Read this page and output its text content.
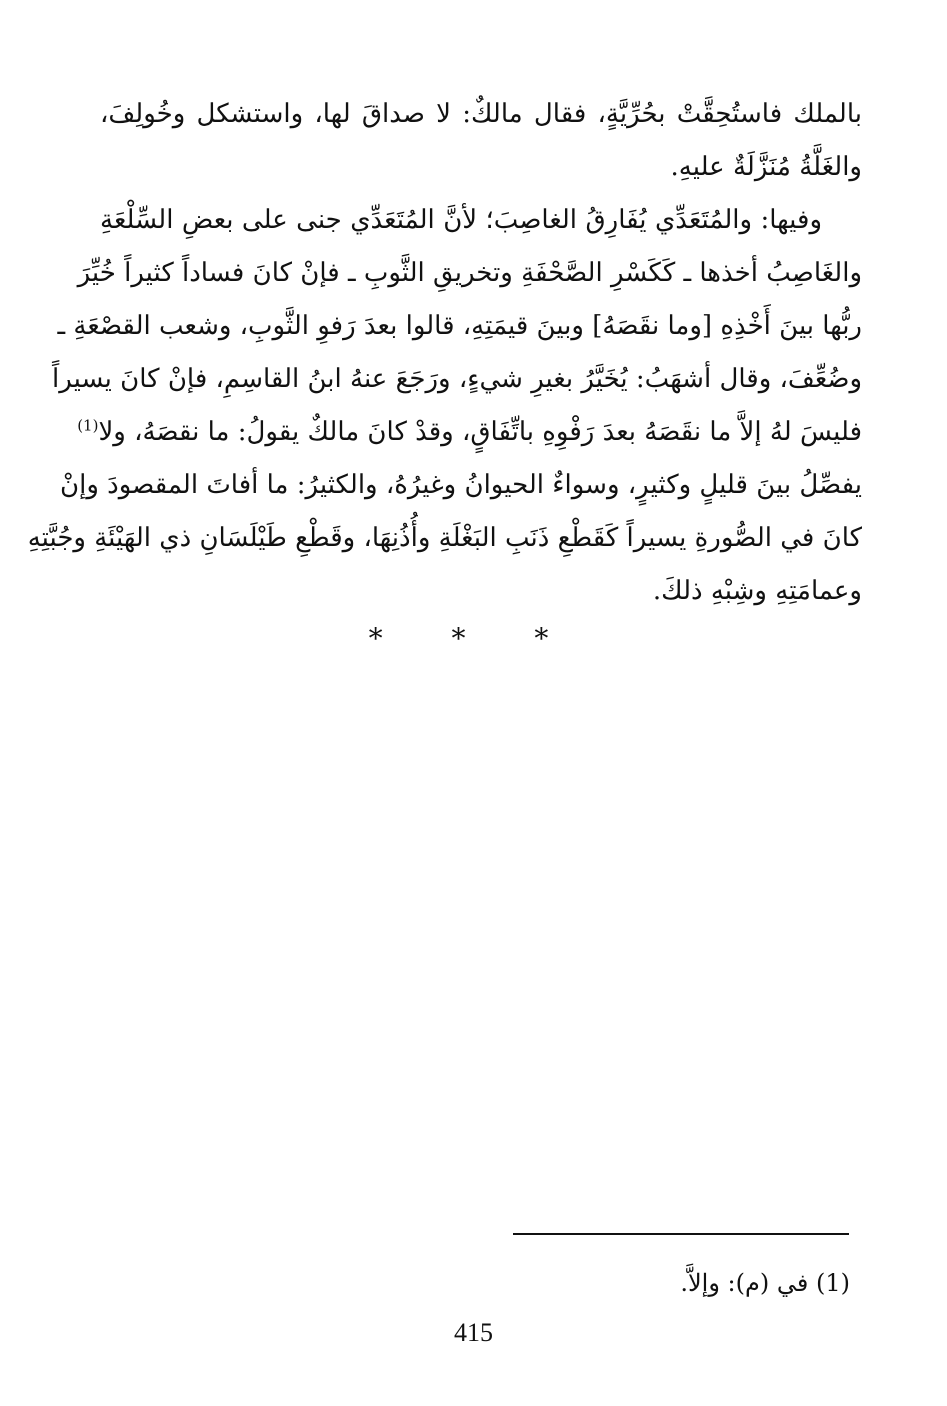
بالملك فاستُحِقَّتْ بحُرِّيَّةٍ، فقال مالكٌ: لا صداقَ لها، واستشكل وخُولِفَ،
والغَلَّةُ مُنَزَّلَةٌ عليهِ.

وفيها: والمُتَعَدِّي يُفَارِقُ الغاصِبَ؛ لأنَّ المُتَعَدِّي جنى على بعضِ السِّلْعَةِ
والغَاصِبُ أخذها ـ كَكَسْرِ الصَّحْفَةِ وتخريقِ الثَّوبِ ـ فإنْ كانَ فساداً كثيراً خُيِّرَ
ربُّها بينَ أَخْذِهِ [وما نقَصَهُ] وبينَ قيمَتِهِ، قالوا بعدَ رَفوِ الثَّوبِ، وشعب القصْعَةِ ـ
وضُعِّفَ، وقال أشهَبُ: يُخَيَّرُ بغيرِ شيءٍ، ورَجَعَ عنهُ ابنُ القاسِمِ، فإنْ كانَ يسيراً
فليسَ لهُ إلاَّ ما نقَصَهُ بعدَ رَفْوِهِ باتِّفَاقٍ، وقدْ كانَ مالكٌ يقولُ: ما نقصَهُ، ولا$^{(1)}$
يفصِّلُ بينَ قليلٍ وكثيرٍ، وسواءٌ الحيوانُ وغيرُهُ، والكثيرُ: ما أفاتَ المقصودَ وإنْ
كانَ في الصُّورةِ يسيراً كَقَطْعِ ذَنَبِ البَغْلَةِ وأُذُنِهَا، وقَطْعِ طَيْلَسَانِ ذي الهَيْئَةِ وجُبَّتِهِ
وعمامَتِهِ وشِبْهِ ذلكَ.

* * *
(1) في (م): وإلاَّ.
415
